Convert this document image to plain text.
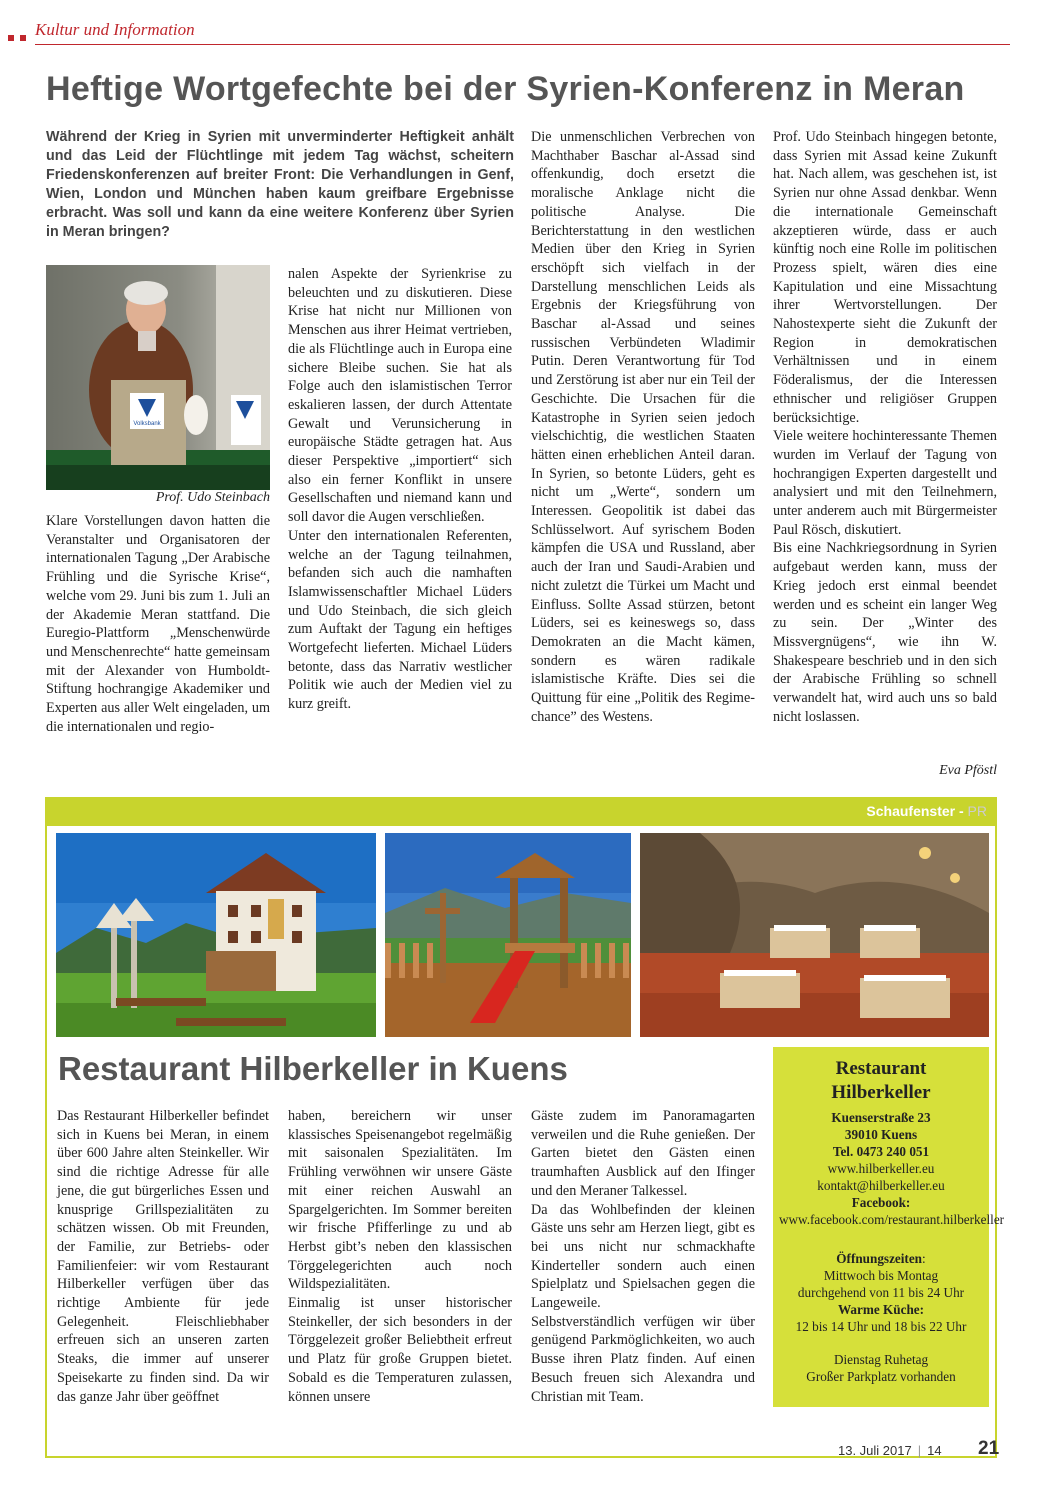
Kultur und Information
Heftige Wortgefechte bei der Syrien-Konferenz in Meran
Während der Krieg in Syrien mit unverminderter Heftigkeit anhält und das Leid der Flüchtlinge mit jedem Tag wächst, scheitern Friedenskonferenzen auf breiter Front: Die Verhandlungen in Genf, Wien, London und München haben kaum greifbare Ergebnisse erbracht. Was soll und kann da eine weitere Konferenz über Syrien in Meran bringen?
Volksbank
Prof. Udo Steinbach

Klare Vorstellungen davon hatten die Veranstalter und Organisatoren der internationalen Tagung „Der Arabische Frühling und die Syrische Krise“, welche vom 29. Juni bis zum 1. Juli an der Akademie Meran stattfand. Die Euregio-Plattform „Menschenwürde und Menschenrechte“ hatte gemeinsam mit der Alexander von Humboldt-Stiftung hochrangige Akademiker und Experten aus aller Welt eingeladen, um die internationalen und regio-

nalen Aspekte der Syrienkrise zu beleuchten und zu diskutieren. Diese Krise hat nicht nur Millionen von Menschen aus ihrer Heimat vertrieben, die als Flüchtlinge auch in Europa eine sichere Bleibe suchen. Sie hat als Folge auch den islamistischen Terror eskalieren lassen, der durch Attentate Gewalt und Verunsicherung in europäische Städte getragen hat. Aus dieser Perspektive „importiert“ sich also ein ferner Konflikt in unsere Gesellschaften und niemand kann und soll davor die Augen verschließen.

Unter den internationalen Referenten, welche an der Tagung teilnahmen, befanden sich auch die namhaften Islamwissenschaftler Michael Lüders und Udo Steinbach, die sich gleich zum Auftakt der Tagung ein heftiges Wortgefecht lieferten. Michael Lüders betonte, dass das Narrativ westlicher Politik wie auch der Medien viel zu kurz greift.

Die unmenschlichen Verbrechen von Machthaber Baschar al-Assad sind offenkundig, doch ersetzt die moralische Anklage nicht die politische Analyse. Die Berichterstattung in den westlichen Medien über den Krieg in Syrien erschöpft sich vielfach in der Darstellung menschlichen Leids als Ergebnis der Kriegsführung von Baschar al-Assad und seines russischen Verbündeten Wladimir Putin. Deren Verantwortung für Tod und Zerstörung ist aber nur ein Teil der Geschichte. Die Ursachen für die Katastrophe in Syrien seien jedoch vielschichtig, die westlichen Staaten hätten einen erheblichen Anteil daran. In Syrien, so betonte Lüders, geht es nicht um „Werte“, sondern um Interessen. Geopolitik ist dabei das Schlüsselwort. Auf syrischem Boden kämpfen die USA und Russland, aber auch der Iran und Saudi-Arabien und nicht zuletzt die Türkei um Macht und Einfluss. Sollte Assad stürzen, betont Lüders, sei es keineswegs so, dass Demokraten an die Macht kämen, sondern es wären radikale islamistische Kräfte. Dies sei die Quittung für eine „Politik des Regime-chance” des Westens.

Prof. Udo Steinbach hingegen betonte, dass Syrien mit Assad keine Zukunft hat. Nach allem, was geschehen ist, ist Syrien nur ohne Assad denkbar. Wenn die internationale Gemeinschaft akzeptieren würde, dass er auch künftig noch eine Rolle im politischen Prozess spielt, wären dies eine Kapitulation und eine Missachtung ihrer Wertvorstellungen. Der Nahostexperte sieht die Zukunft der Region in demokratischen Verhältnissen und in einem Föderalismus, der die Interessen ethnischer und religiöser Gruppen berücksichtige.

Viele weitere hochinteressante Themen wurden im Verlauf der Tagung von hochrangigen Experten dargestellt und analysiert und mit den Teilnehmern, unter anderem auch mit Bürgermeister Paul Rösch, diskutiert.

Bis eine Nachkriegsordnung in Syrien aufgebaut werden kann, muss der Krieg jedoch erst einmal beendet werden und es scheint ein langer Weg zu sein. Der „Winter des Missvergnügens“, wie ihn W. Shakespeare beschrieb und in den sich der Arabische Frühling so schnell verwandelt hat, wird auch uns so bald nicht loslassen.

Eva Pföstl
Schaufenster - PR
Restaurant Hilberkeller in Kuens

Das Restaurant Hilberkeller befindet sich in Kuens bei Meran, in einem über 600 Jahre alten Steinkeller. Wir sind die richtige Adresse für alle jene, die gut bürgerliches Essen und knusprige Grillspezialitäten zu schätzen wissen. Ob mit Freunden, der Familie, zur Betriebs- oder Familienfeier: wir vom Restaurant Hilberkeller verfügen über das richtige Ambiente für jede Gelegenheit. Fleischliebhaber erfreuen sich an unseren zarten Steaks, die immer auf unserer Speisekarte zu finden sind. Da wir das ganze Jahr über geöffnet

haben, bereichern wir unser klassisches Speisenangebot regelmäßig mit saisonalen Spezialitäten. Im Frühling verwöhnen wir unsere Gäste mit einer reichen Auswahl an Spargelgerichten. Im Sommer bereiten wir frische Pfifferlinge zu und ab Herbst gibt’s neben den klassischen Törggelegerichten auch noch Wildspezialitäten.

Einmalig ist unser historischer Steinkeller, der sich besonders in der Törggelezeit großer Beliebtheit erfreut und Platz für große Gruppen bietet. Sobald es die Temperaturen zulassen, können unsere

Gäste zudem im Panoramagarten verweilen und die Ruhe genießen. Der Garten bietet den Gästen einen traumhaften Ausblick auf den Ifinger und den Meraner Talkessel.

Da das Wohlbefinden der kleinen Gäste uns sehr am Herzen liegt, gibt es bei uns nicht nur schmackhafte Kinderteller sondern auch einen Spielplatz und Spielsachen gegen die Langeweile.

Selbstverständlich verfügen wir über genügend Parkmöglichkeiten, wo auch Busse ihren Platz finden. Auf einen Besuch freuen sich Alexandra und Christian mit Team.

Restaurant
Hilberkeller

Kuenserstraße 23

39010 Kuens

Tel. 0473 240 051

www.hilberkeller.eu

kontakt@hilberkeller.eu

Facebook: www.facebook.com/restaurant.hilberkeller

Öffnungszeiten:

Mittwoch bis Montag

durchgehend von 11 bis 24 Uhr

Warme Küche:

12 bis 14 Uhr und 18 bis 22 Uhr

Dienstag Ruhetag

Großer Parkplatz vorhanden

13. Juli 2017 | 14 21
